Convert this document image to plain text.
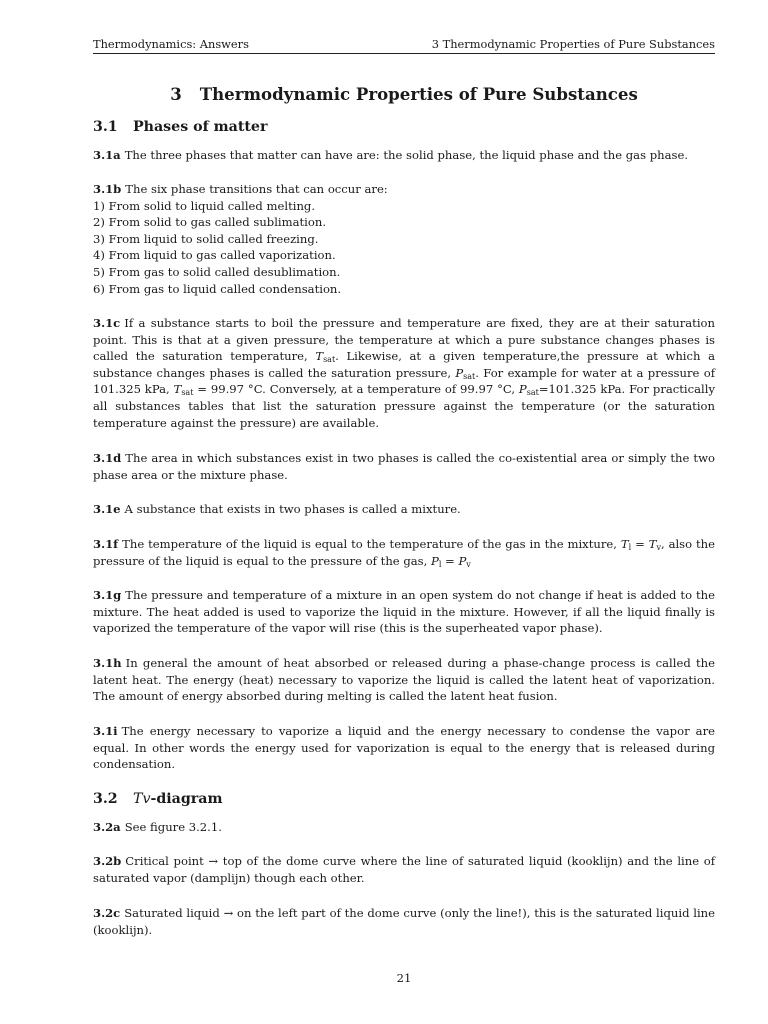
Thermodynamics: Answers	3 Thermodynamic Properties of Pure Substances
3 Thermodynamic Properties of Pure Substances
3.1 Phases of matter
3.1a The three phases that matter can have are: the solid phase, the liquid phase and the gas phase.
3.1b The six phase transitions that can occur are:
1) From solid to liquid called melting.
2) From solid to gas called sublimation.
3) From liquid to solid called freezing.
4) From liquid to gas called vaporization.
5) From gas to solid called desublimation.
6) From gas to liquid called condensation.
3.1c If a substance starts to boil the pressure and temperature are fixed, they are at their saturation point. This is that at a given pressure, the temperature at which a pure substance changes phases is called the saturation temperature, $T_{sat}$. Likewise, at a given temperature,the pressure at which a substance changes phases is called the saturation pressure, $P_{sat}$. For example for water at a pressure of 101.325 kPa, $T_{sat} = 99.97$ °C. Conversely, at a temperature of 99.97 °C, $P_{sat}=101.325$ kPa. For practically all substances tables that list the saturation pressure against the temperature (or the saturation temperature against the pressure) are available.
3.1d The area in which substances exist in two phases is called the co-existential area or simply the two phase area or the mixture phase.
3.1e A substance that exists in two phases is called a mixture.
3.1f The temperature of the liquid is equal to the temperature of the gas in the mixture, $T_l = T_v$, also the pressure of the liquid is equal to the pressure of the gas, $P_l = P_v$
3.1g The pressure and temperature of a mixture in an open system do not change if heat is added to the mixture. The heat added is used to vaporize the liquid in the mixture. However, if all the liquid finally is vaporized the temperature of the vapor will rise (this is the superheated vapor phase).
3.1h In general the amount of heat absorbed or released during a phase-change process is called the latent heat. The energy (heat) necessary to vaporize the liquid is called the latent heat of vaporization. The amount of energy absorbed during melting is called the latent heat fusion.
3.1i The energy necessary to vaporize a liquid and the energy necessary to condense the vapor are equal. In other words the energy used for vaporization is equal to the energy that is released during condensation.
3.2 Tv-diagram
3.2a See figure 3.2.1.
3.2b Critical point → top of the dome curve where the line of saturated liquid (kooklijn) and the line of saturated vapor (damplijn) though each other.
3.2c Saturated liquid → on the left part of the dome curve (only the line!), this is the saturated liquid line (kooklijn).
21
